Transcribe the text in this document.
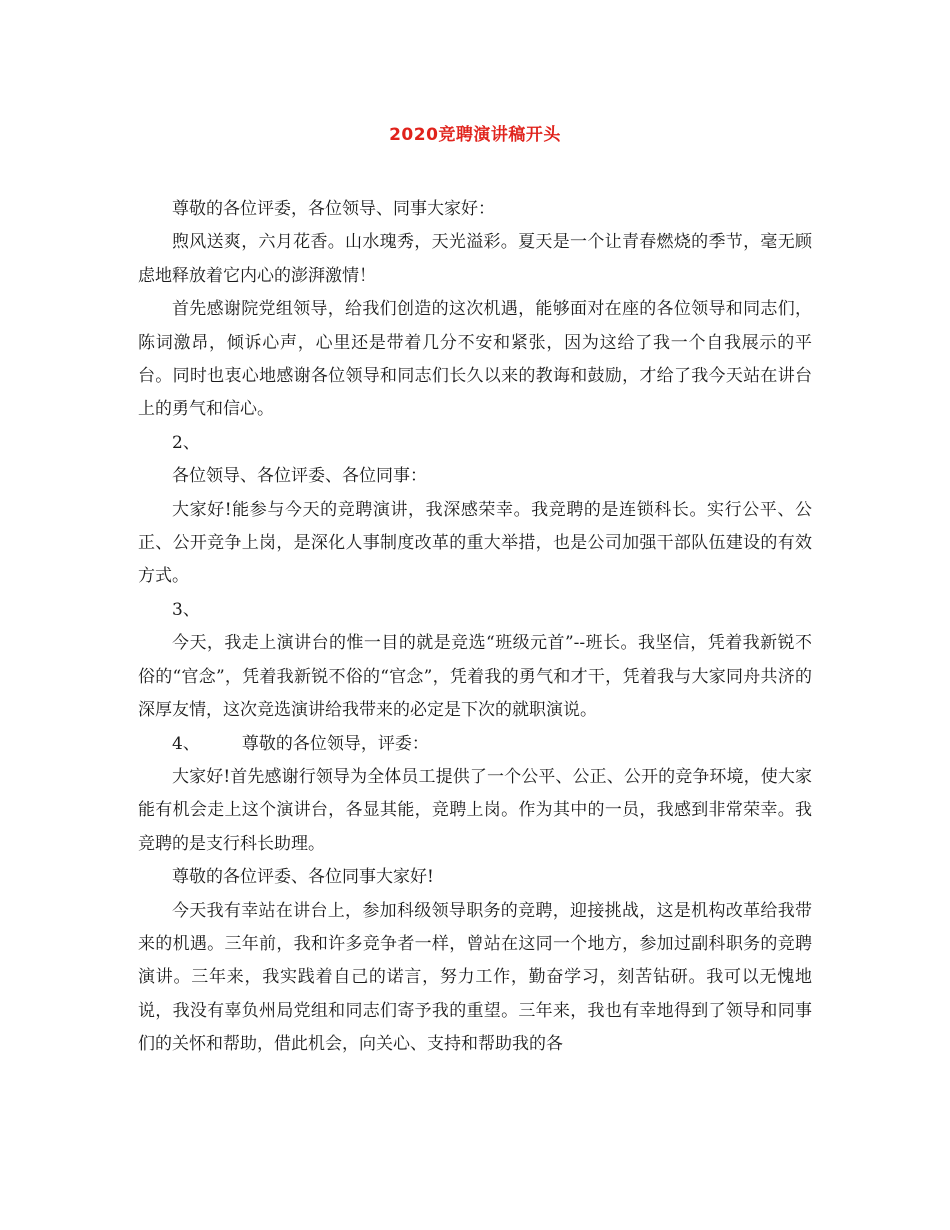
2020竞聘演讲稿开头

尊敬的各位评委，各位领导、同事大家好：

煦风送爽，六月花香。山水瑰秀，天光溢彩。夏天是一个让青春燃烧的季节，毫无顾虑地释放着它内心的澎湃激情！

首先感谢院党组领导，给我们创造的这次机遇，能够面对在座的各位领导和同志们，陈词激昂，倾诉心声，心里还是带着几分不安和紧张，因为这给了我一个自我展示的平台。同时也衷心地感谢各位领导和同志们长久以来的教诲和鼓励，才给了我今天站在讲台上的勇气和信心。

2、

各位领导、各位评委、各位同事：

大家好!能参与今天的竞聘演讲，我深感荣幸。我竞聘的是连锁科长。实行公平、公正、公开竞争上岗，是深化人事制度改革的重大举措，也是公司加强干部队伍建设的有效方式。

3、

今天，我走上演讲台的惟一目的就是竞选“班级元首”--班长。我坚信，凭着我新锐不俗的“官念”，凭着我新锐不俗的“官念”，凭着我的勇气和才干，凭着我与大家同舟共济的深厚友情，这次竞选演讲给我带来的必定是下次的就职演说。

4、 尊敬的各位领导，评委：

大家好!首先感谢行领导为全体员工提供了一个公平、公正、公开的竞争环境，使大家能有机会走上这个演讲台，各显其能，竞聘上岗。作为其中的一员，我感到非常荣幸。我竞聘的是支行科长助理。

尊敬的各位评委、各位同事大家好!

今天我有幸站在讲台上，参加科级领导职务的竞聘，迎接挑战，这是机构改革给我带来的机遇。三年前，我和许多竞争者一样，曾站在这同一个地方，参加过副科职务的竞聘演讲。三年来，我实践着自己的诺言，努力工作，勤奋学习，刻苦钻研。我可以无愧地说，我没有辜负州局党组和同志们寄予我的重望。三年来，我也有幸地得到了领导和同事们的关怀和帮助，借此机会，向关心、支持和帮助我的各
